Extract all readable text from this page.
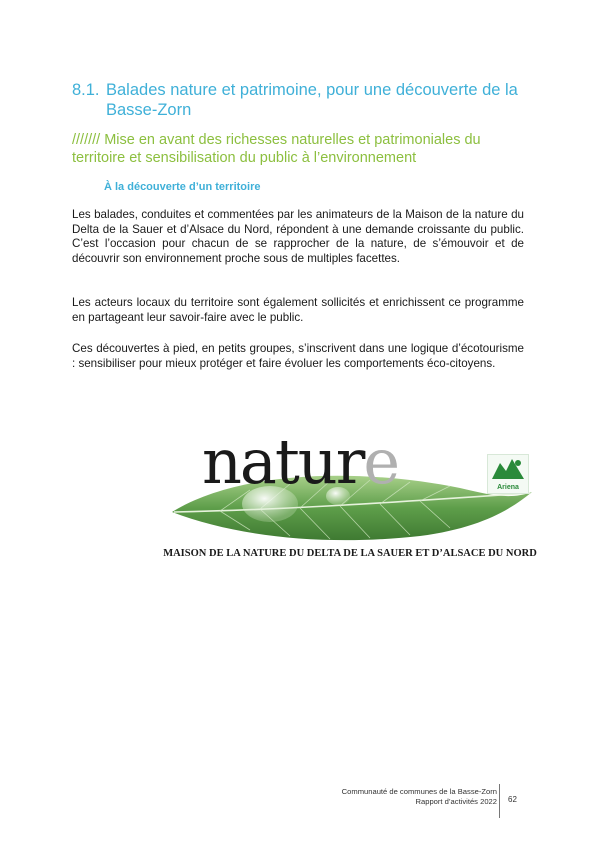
8.1. Balades nature et patrimoine, pour une découverte de la Basse-Zorn
/////// Mise en avant des richesses naturelles et patrimoniales du territoire et sensibilisation du public à l’environnement
À la découverte d’un territoire

Les balades, conduites et commentées par les animateurs de la Maison de la nature du Delta de la Sauer et d’Alsace du Nord, répondent à une demande croissante du public. C’est l’occasion pour chacun de se rapprocher de la nature, de s’émouvoir et de découvrir son environnement proche sous de multiples facettes.

Les acteurs locaux du territoire sont également sollicités et enrichissent ce programme en partageant leur savoir-faire avec le public.

Ces découvertes à pied, en petits groupes, s’inscrivent dans une logique d’écotourisme : sensibiliser pour mieux protéger et faire évoluer les comportements éco-citoyens.

nature	Ariena
MAISON DE LA NATURE DU DELTA DE LA SAUER ET D’ALSACE DU NORD
Communauté de communes de la Basse-Zorn
Rapport d’activités 2022 62
